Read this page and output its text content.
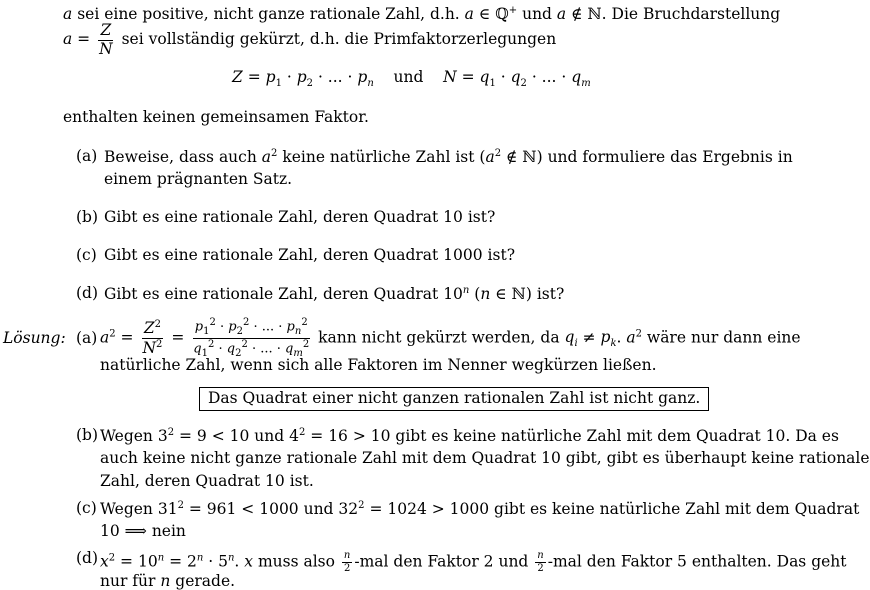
a sei eine positive, nicht ganze rationale Zahl, d.h. a ∈ ℚ+ und a ∉ ℕ. Die Bruchdarstellung
$a = \frac{Z}{N}$ sei vollständig gekürzt, d.h. die Primfaktorzerlegungen
$Z = p_1 \cdot p_2$ · ... · $p_n$ und $N = q_1 \cdot q_2$ · ... · $q_m$
enthalten keinen gemeinsamen Faktor.
(a) Beweise, dass auch $a^2$ keine natürliche Zahl ist ($a^2$ ∉ ℕ) und formuliere das Ergebnis in
einem prägnanten Satz.
(b) Gibt es eine rationale Zahl, deren Quadrat 10 ist?
(c) Gibt es eine rationale Zahl, deren Quadrat 1000 ist?
(d) Gibt es eine rationale Zahl, deren Quadrat 10$^n$ (n ∈ ℕ) ist?
Lösung: (a) $a^2 = \frac{Z^2}{N^2} = \frac{p_1^2 \cdot p_2^2 \cdot ... \cdot p_n^2}{q_1^2 \cdot q_2^2 \cdot ... \cdot q_m^2}$ kann nicht gekürzt werden, da $q_i \ne p_k$. $a^2$ wäre nur dann eine
natürliche Zahl, wenn sich alle Faktoren im Nenner wegkürzen ließen.
Das Quadrat einer nicht ganzen rationalen Zahl ist nicht ganz.
(b) Wegen $3^2 = 9 < 10$ und $4^2 = 16 > 10$ gibt es keine natürliche Zahl mit dem Quadrat 10. Da es
auch keine nicht ganze rationale Zahl mit dem Quadrat 10 gibt, gibt es überhaupt keine rationale
Zahl, deren Quadrat 10 ist.
(c) Wegen $31^2 = 961 < 1000$ und $32^2 = 1024 > 1000$ gibt es keine natürliche Zahl mit dem Quadrat
10 ⟹ nein
(d) $x^2 = 10^n = 2^n \cdot 5^n$. x muss also $\frac{n}{2} -mal$ den Faktor 2 und $\frac{n}{2} -mal$ den Faktor 5 enthalten. Das geht
nur für n gerade.
